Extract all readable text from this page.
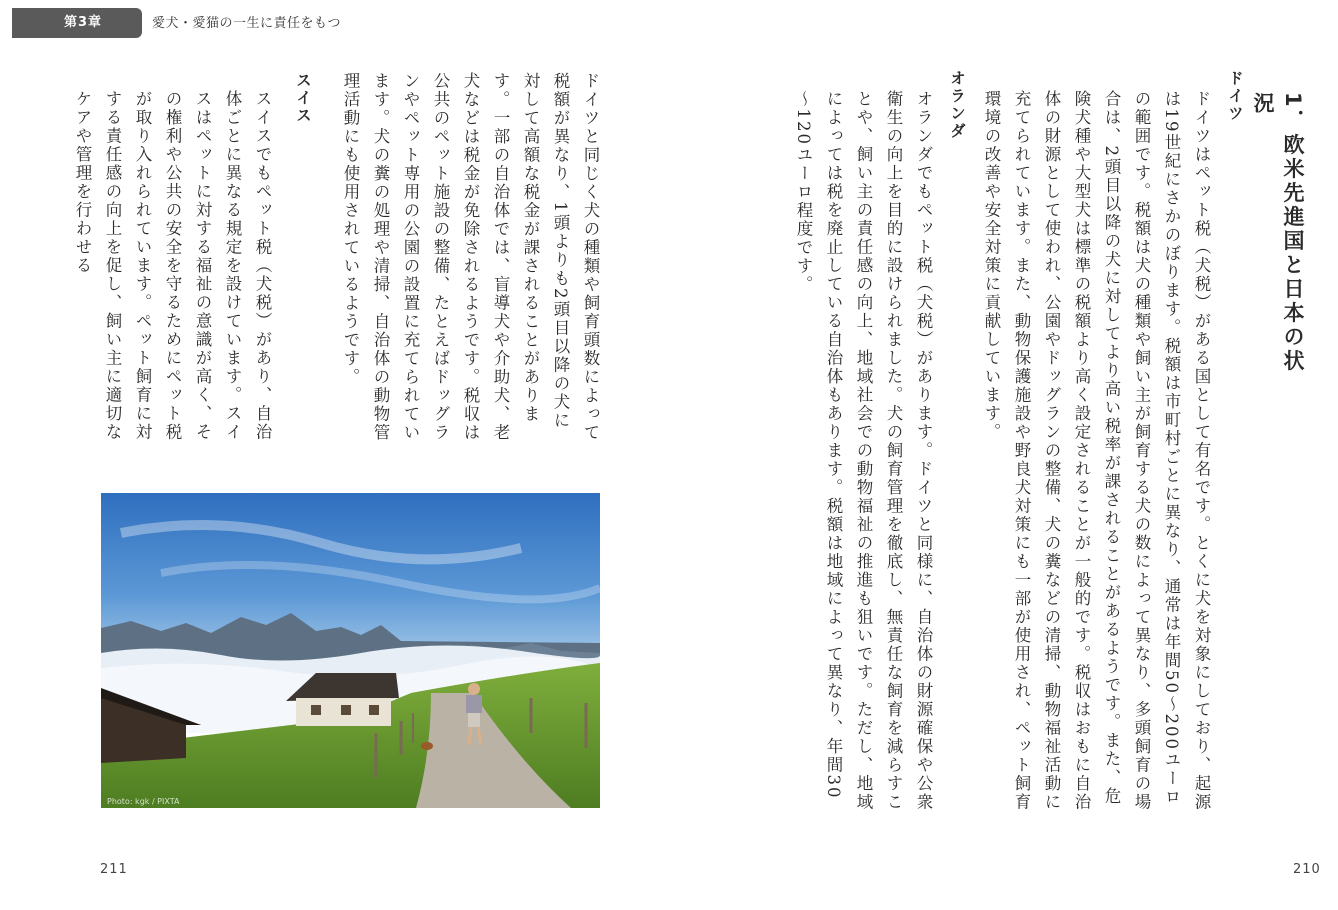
第3章	愛犬・愛猫の一生に責任をもつ
1．欧米先進国と日本の状況
ドイツ
ドイツはペット税（犬税）がある国として有名です。とくに犬を対象にしており、起源は19世紀にさかのぼります。税額は市町村ごとに異なり、通常は年間50～200ユーロの範囲です。税額は犬の種類や飼い主が飼育する犬の数によって異なり、多頭飼育の場合は、2頭目以降の犬に対してより高い税率が課されることがあるようです。また、危険犬種や大型犬は標準の税額より高く設定されることが一般的です。税収はおもに自治体の財源として使われ、公園やドッグランの整備、犬の糞などの清掃、動物福祉活動に充てられています。また、動物保護施設や野良犬対策にも一部が使用され、ペット飼育環境の改善や安全対策に貢献しています。
オランダ
オランダでもペット税（犬税）があります。ドイツと同様に、自治体の財源確保や公衆衛生の向上を目的に設けられました。犬の飼育管理を徹底し、無責任な飼育を減らすことや、飼い主の責任感の向上、地域社会での動物福祉の推進も狙いです。ただし、地域によっては税を廃止している自治体もあります。税額は地域によって異なり、年間30～120ユーロ程度です。
210
ドイツと同じく犬の種類や飼育頭数によって税額が異なり、1頭よりも2頭目以降の犬に対して高額な税金が課されることがあります。一部の自治体では、盲導犬や介助犬、老犬などは税金が免除されるようです。税収は公共のペット施設の整備、たとえばドッグランやペット専用の公園の設置に充てられています。犬の糞の処理や清掃、自治体の動物管理活動にも使用されているようです。
スイス
スイスでもペット税（犬税）があり、自治体ごとに異なる規定を設けています。スイスはペットに対する福祉の意識が高く、その権利や公共の安全を守るためにペット税が取り入れられています。ペット飼育に対する責任感の向上を促し、飼い主に適切なケアや管理を行わせる
Photo: kgk / PIXTA
211
